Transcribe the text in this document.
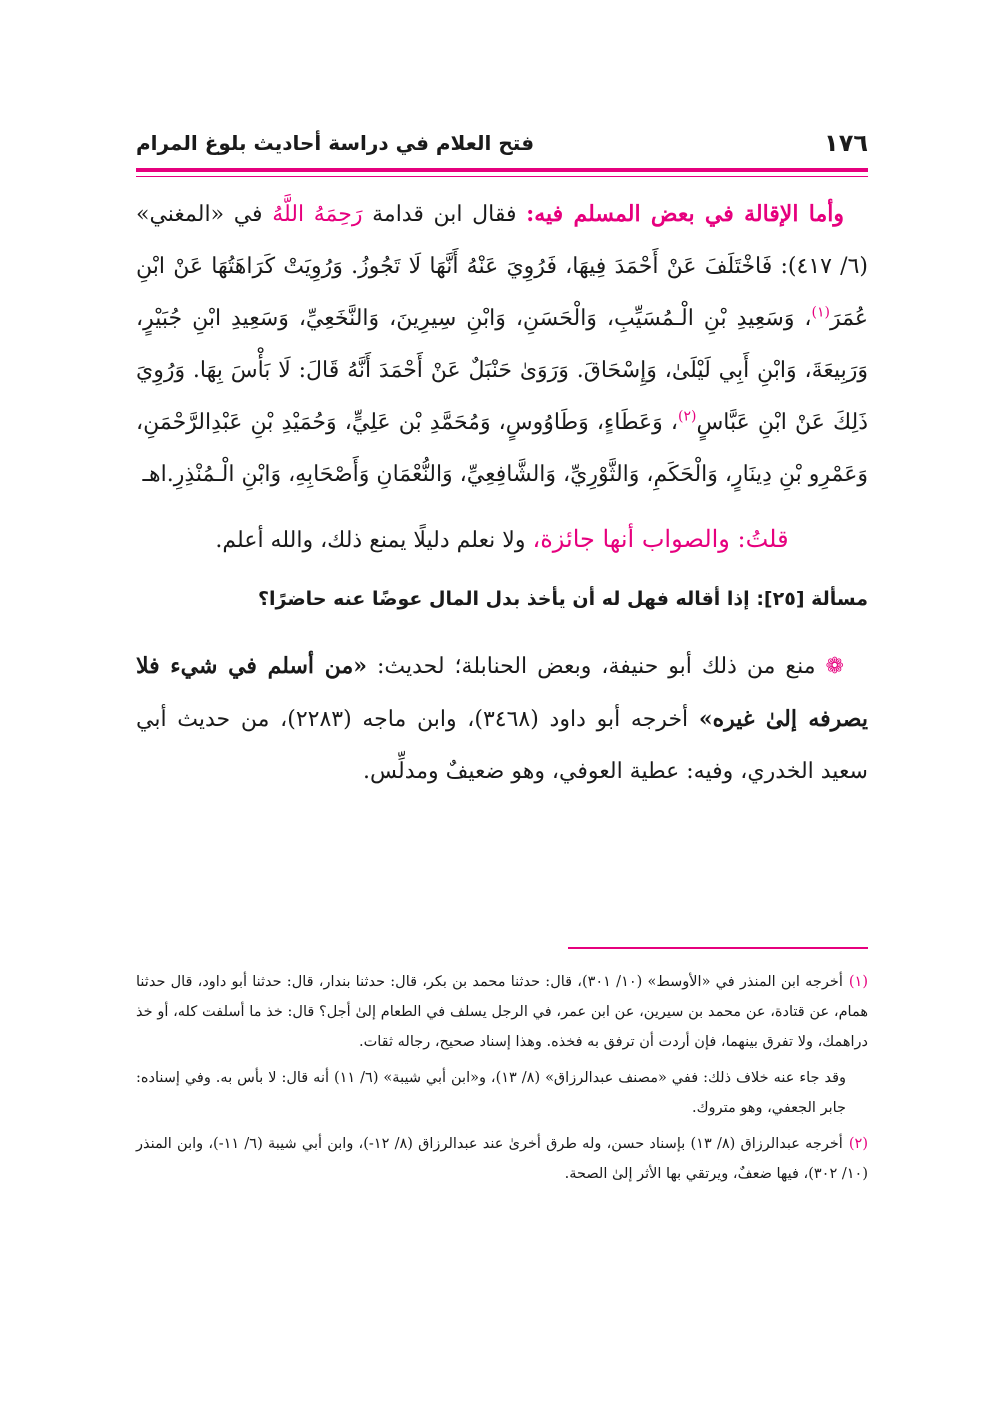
١٧٦
فتح العلام في دراسة أحاديث بلوغ المرام

وأما الإقالة في بعض المسلم فيه: فقال ابن قدامة رَحِمَهُ اللَّهُ في «المغني» (٦/ ٤١٧): فَاخْتَلَفَ عَنْ أَحْمَدَ فِيهَا، فَرُوِيَ عَنْهُ أَنَّهَا لَا تَجُوزُ. وَرُوِيَتْ كَرَاهَتُهَا عَنْ ابْنِ عُمَرَ$^{(١)}$، وَسَعِيدِ بْنِ الْـمُسَيِّبِ، وَالْحَسَنِ، وَابْنِ سِيرِينَ، وَالنَّخَعِيِّ، وَسَعِيدِ ابْنِ جُبَيْرٍ، وَرَبِيعَةَ، وَابْنِ أَبِي لَيْلَىٰ، وَإِسْحَاقَ. وَرَوَىٰ حَنْبَلٌ عَنْ أَحْمَدَ أَنَّهُ قَالَ: لَا بَأْسَ بِهَا. وَرُوِيَ ذَلِكَ عَنْ ابْنِ عَبَّاسٍ$^{(٢)}$، وَعَطَاءٍ، وَطَاوُوسٍ، وَمُحَمَّدِ بْن عَلِيٍّ، وَحُمَيْدِ بْنِ عَبْدِالرَّحْمَنِ، وَعَمْرِو بْنِ دِينَارٍ، وَالْحَكَمِ، وَالثَّوْرِيِّ، وَالشَّافِعِيِّ، وَالنُّعْمَانِ وَأَصْحَابِهِ، وَابْنِ الْـمُنْذِرِ.اهـ

قلتُ: والصواب أنها جائزة، ولا نعلم دليلًا يمنع ذلك، والله أعلم.

مسألة [٢٥]: إذا أقاله فهل له أن يأخذ بدل المال عوضًا عنه حاضرًا؟

❁ منع من ذلك أبو حنيفة، وبعض الحنابلة؛ لحديث: «من أسلم في شيء فلا يصرفه إلىٰ غيره» أخرجه أبو داود (٣٤٦٨)، وابن ماجه (٢٢٨٣)، من حديث أبي سعيد الخدري، وفيه: عطية العوفي، وهو ضعيفٌ ومدلِّس.

(١)أخرجه ابن المنذر في «الأوسط» (١٠/ ٣٠١)، قال: حدثنا محمد بن بكر، قال: حدثنا بندار، قال: حدثنا أبو داود، قال حدثنا همام، عن قتادة، عن محمد بن سيرين، عن ابن عمر، في الرجل يسلف في الطعام إلىٰ أجل؟ قال: خذ ما أسلفت كله، أو خذ دراهمك، ولا تفرق بينهما، فإن أردت أن ترفق به فخذه. وهذا إسناد صحيح، رجاله ثقات.

وقد جاء عنه خلاف ذلك: ففي «مصنف عبدالرزاق» (٨/ ١٣)، و«ابن أبي شيبة» (٦/ ١١) أنه قال: لا بأس به. وفي إسناده: جابر الجعفي، وهو متروك.

(٢)أخرجه عبدالرزاق (٨/ ١٣) بإسناد حسن، وله طرق أخرىٰ عند عبدالرزاق (٨/ ١٢-)، وابن أبي شيبة (٦/ ١١-)، وابن المنذر (١٠/ ٣٠٢)، فيها ضعفٌ، ويرتقي بها الأثر إلىٰ الصحة.
